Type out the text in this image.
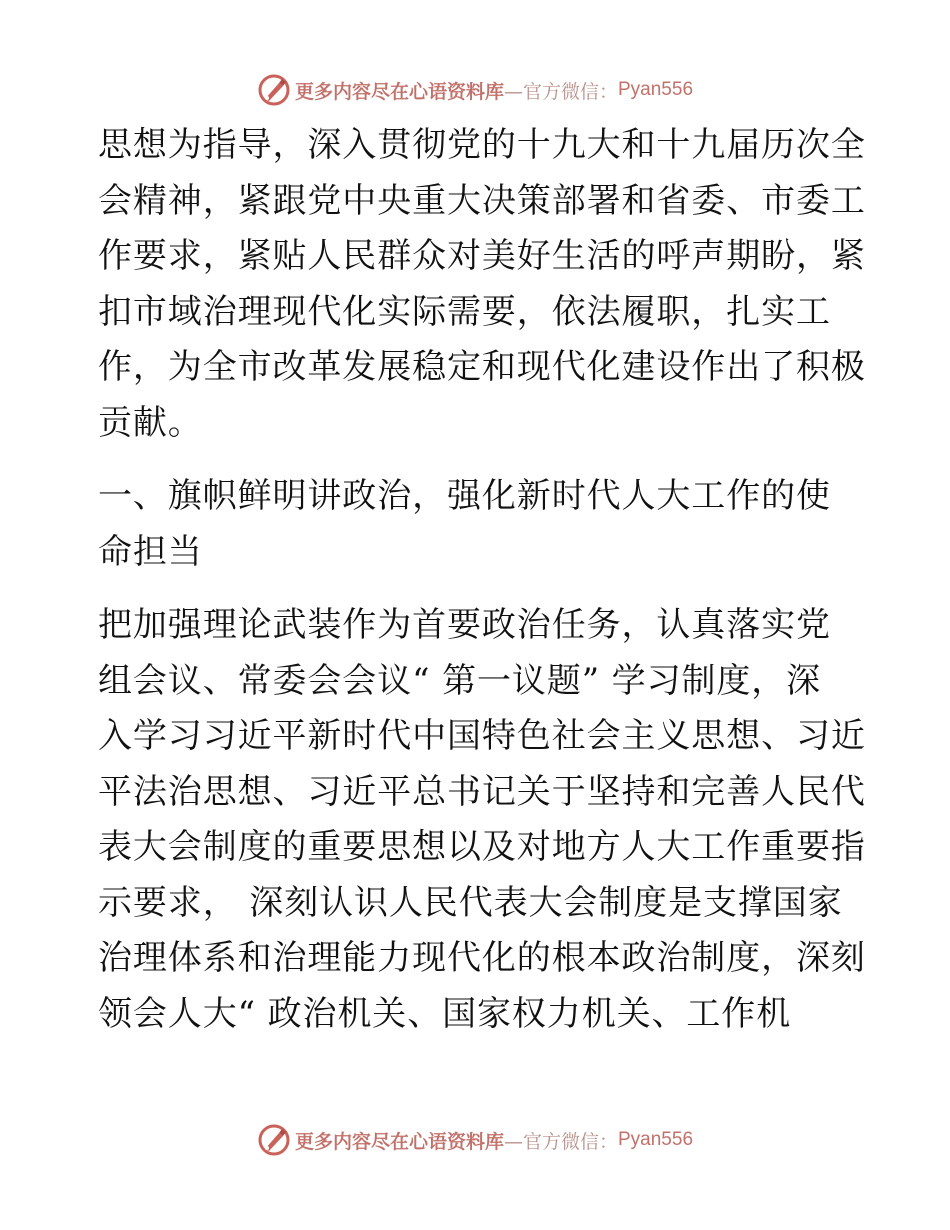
更多内容尽在心语资料库 —官方微信： Pyan556

思想为指导，深入贯彻党的十九大和十九届历次全
会精神，紧跟党中央重大决策部署和省委、市委工
作要求，紧贴人民群众对美好生活的呼声期盼，紧
扣市域治理现代化实际需要，依法履职，扎实工
作，为全市改革发展稳定和现代化建设作出了积极
贡献。

一、旗帜鲜明讲政治，强化新时代人大工作的使
命担当

把加强理论武装作为首要政治任务，认真落实党
组会议、常委会会议“ 第一议题” 学习制度，深
入学习习近平新时代中国特色社会主义思想、习近
平法治思想、习近平总书记关于坚持和完善人民代
表大会制度的重要思想以及对地方人大工作重要指
示要求， 深刻认识人民代表大会制度是支撑国家
治理体系和治理能力现代化的根本政治制度，深刻
领会人大“ 政治机关、国家权力机关、工作机

更多内容尽在心语资料库 —官方微信： Pyan556
